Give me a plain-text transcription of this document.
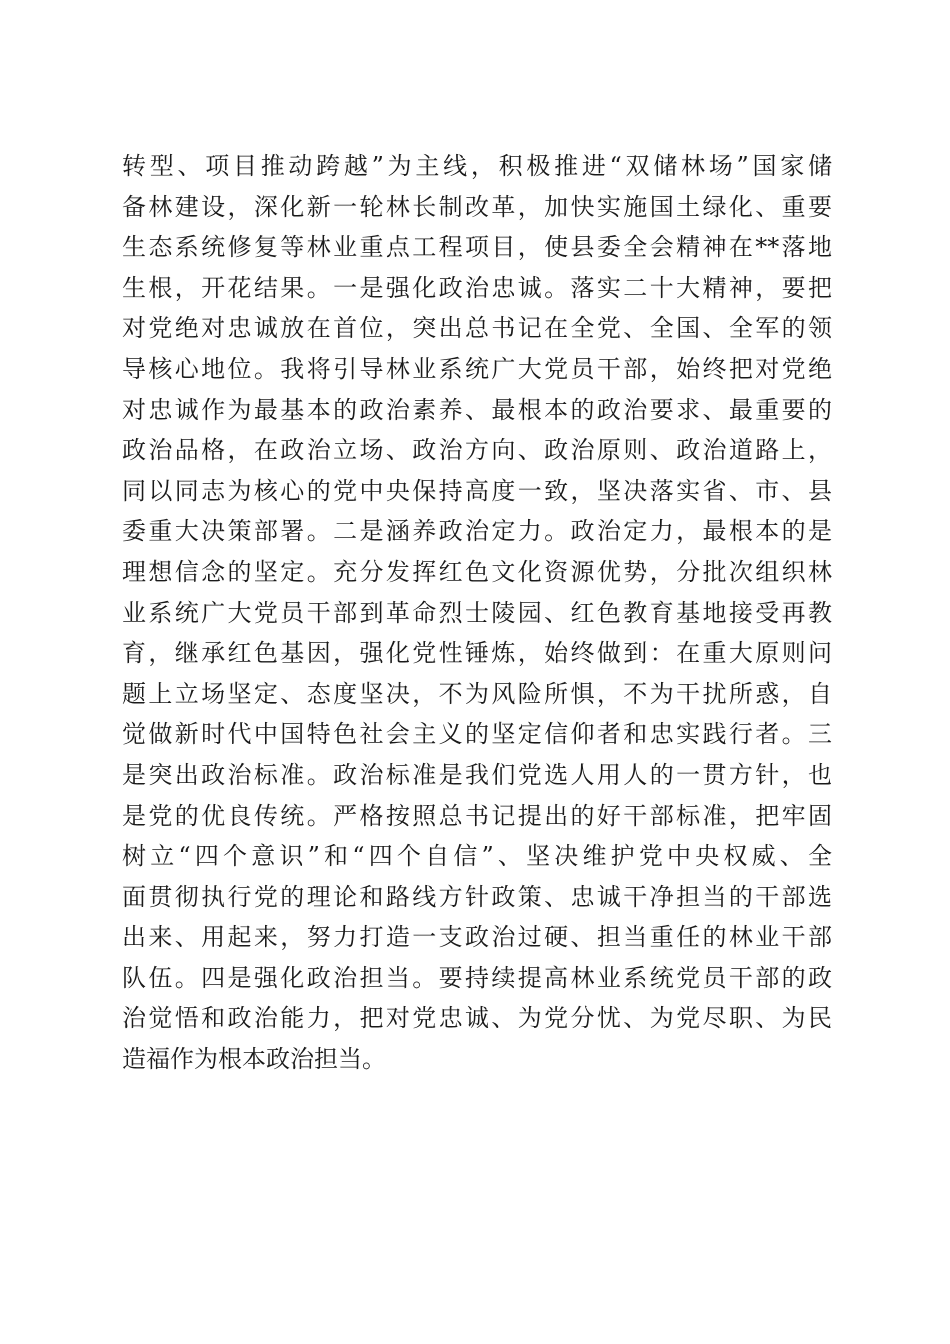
转型、项目推动跨越”为主线，积极推进“双储林场”国家储
备林建设，深化新一轮林长制改革，加快实施国土绿化、重要
生态系统修复等林业重点工程项目，使县委全会精神在**落地
生根，开花结果。一是强化政治忠诚。落实二十大精神，要把
对党绝对忠诚放在首位，突出总书记在全党、全国、全军的领
导核心地位。我将引导林业系统广大党员干部，始终把对党绝
对忠诚作为最基本的政治素养、最根本的政治要求、最重要的
政治品格，在政治立场、政治方向、政治原则、政治道路上，
同以同志为核心的党中央保持高度一致，坚决落实省、市、县
委重大决策部署。二是涵养政治定力。政治定力，最根本的是
理想信念的坚定。充分发挥红色文化资源优势，分批次组织林
业系统广大党员干部到革命烈士陵园、红色教育基地接受再教
育，继承红色基因，强化党性锤炼，始终做到：在重大原则问
题上立场坚定、态度坚决，不为风险所惧，不为干扰所惑，自
觉做新时代中国特色社会主义的坚定信仰者和忠实践行者。三
是突出政治标准。政治标准是我们党选人用人的一贯方针，也
是党的优良传统。严格按照总书记提出的好干部标准，把牢固
树立“四个意识”和“四个自信”、坚决维护党中央权威、全
面贯彻执行党的理论和路线方针政策、忠诚干净担当的干部选
出来、用起来，努力打造一支政治过硬、担当重任的林业干部
队伍。四是强化政治担当。要持续提高林业系统党员干部的政
治觉悟和政治能力，把对党忠诚、为党分忧、为党尽职、为民
造福作为根本政治担当。
